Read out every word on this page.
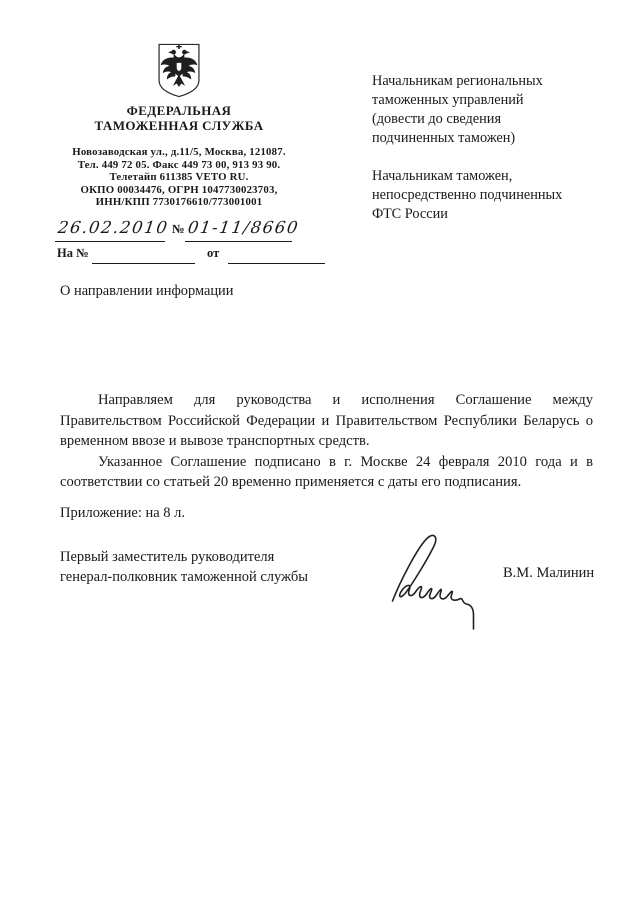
ФЕДЕРАЛЬНАЯ
ТАМОЖЕННАЯ СЛУЖБА
Новозаводская ул., д.11/5, Москва, 121087.
Тел. 449 72 05. Факс 449 73 00, 913 93 90.
Телетайп 611385 VETO RU.
ОКПО 00034476, ОГРН 1047730023703,
ИНН/КПП 7730176610/773001001
26.02.2010 № 01-11/8660
На №	от
Начальникам региональных
таможенных управлений
(довести до сведения
подчиненных таможен)
Начальникам таможен,
непосредственно подчиненных
ФТС России
О направлении информации

Направляем для руководства и исполнения Соглашение между Правительством Российской Федерации и Правительством Республики Беларусь о временном ввозе и вывозе транспортных средств.

Указанное Соглашение подписано в г. Москве 24 февраля 2010 года и в соответствии со статьей 20 временно применяется с даты его подписания.

Приложение: на 8 л.
Первый заместитель руководителя
генерал-полковник таможенной службы	В.М. Малинин
